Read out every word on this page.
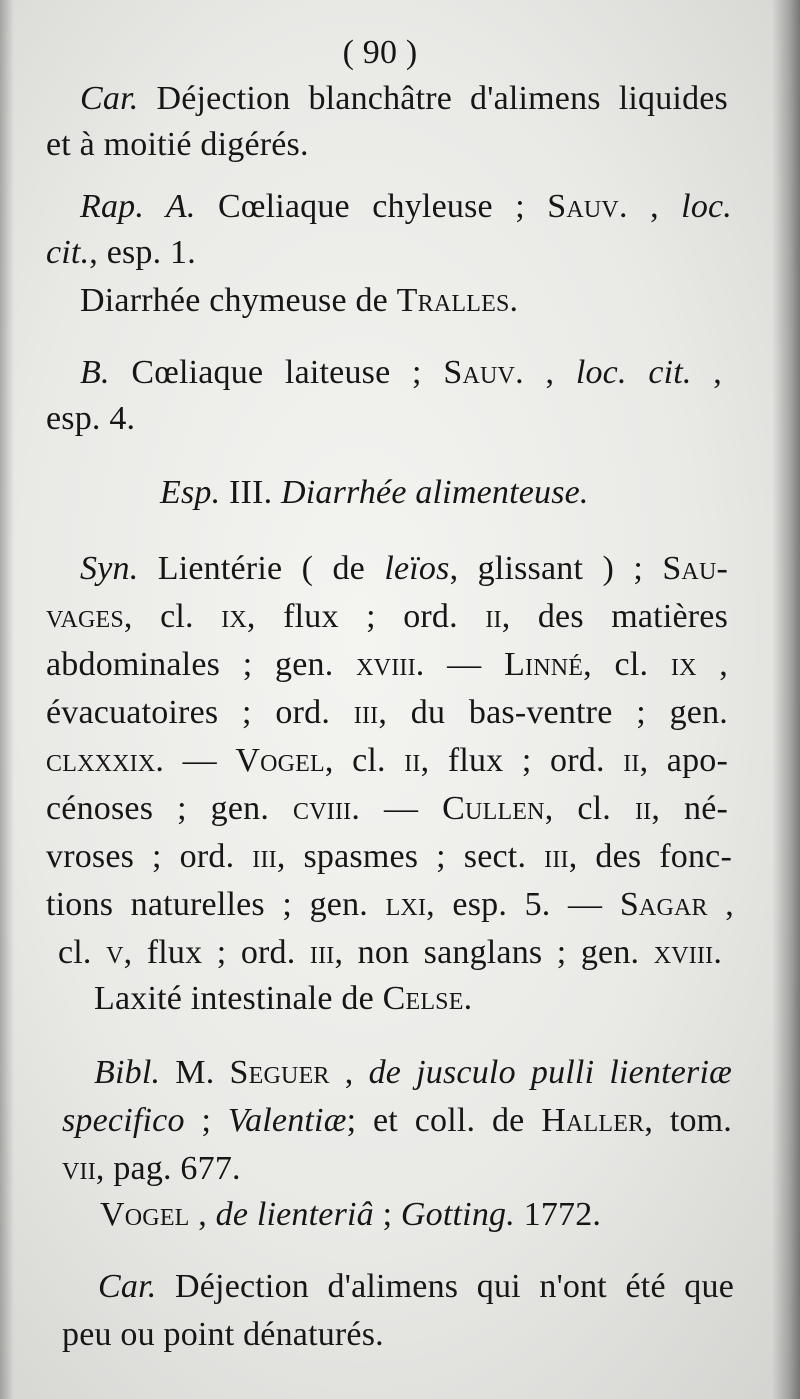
( 90 )
Car. Déjection blanchâtre d'alimens liquides
et à moitié digérés.
Rap. A. Cœliaque chyleuse ; Sauv. , loc.
cit., esp. 1.
Diarrhée chymeuse de Tralles.
B. Cœliaque laiteuse ; Sauv. , loc. cit. ,
esp. 4.
Esp. III. Diarrhée alimenteuse.
Syn. Lientérie ( de leïos, glissant ) ; Sau-
vages, cl. ix, flux ; ord. ii, des matières
abdominales ; gen. xviii. — Linné, cl. ix ,
évacuatoires ; ord. iii, du bas-ventre ; gen.
clxxxix. — Vogel, cl. ii, flux ; ord. ii, apo-
cénoses ; gen. cviii. — Cullen, cl. ii, né-
vroses ; ord. iii, spasmes ; sect. iii, des fonc-
tions naturelles ; gen. lxi, esp. 5. — Sagar ,
cl. v, flux ; ord. iii, non sanglans ; gen. xviii.
Laxité intestinale de Celse.
Bibl. M. Seguer , de jusculo pulli lienteriæ
specifico ; Valentiæ; et coll. de Haller, tom.
vii, pag. 677.
Vogel , de lienteriâ ; Gotting. 1772.
Car. Déjection d'alimens qui n'ont été que
peu ou point dénaturés.
